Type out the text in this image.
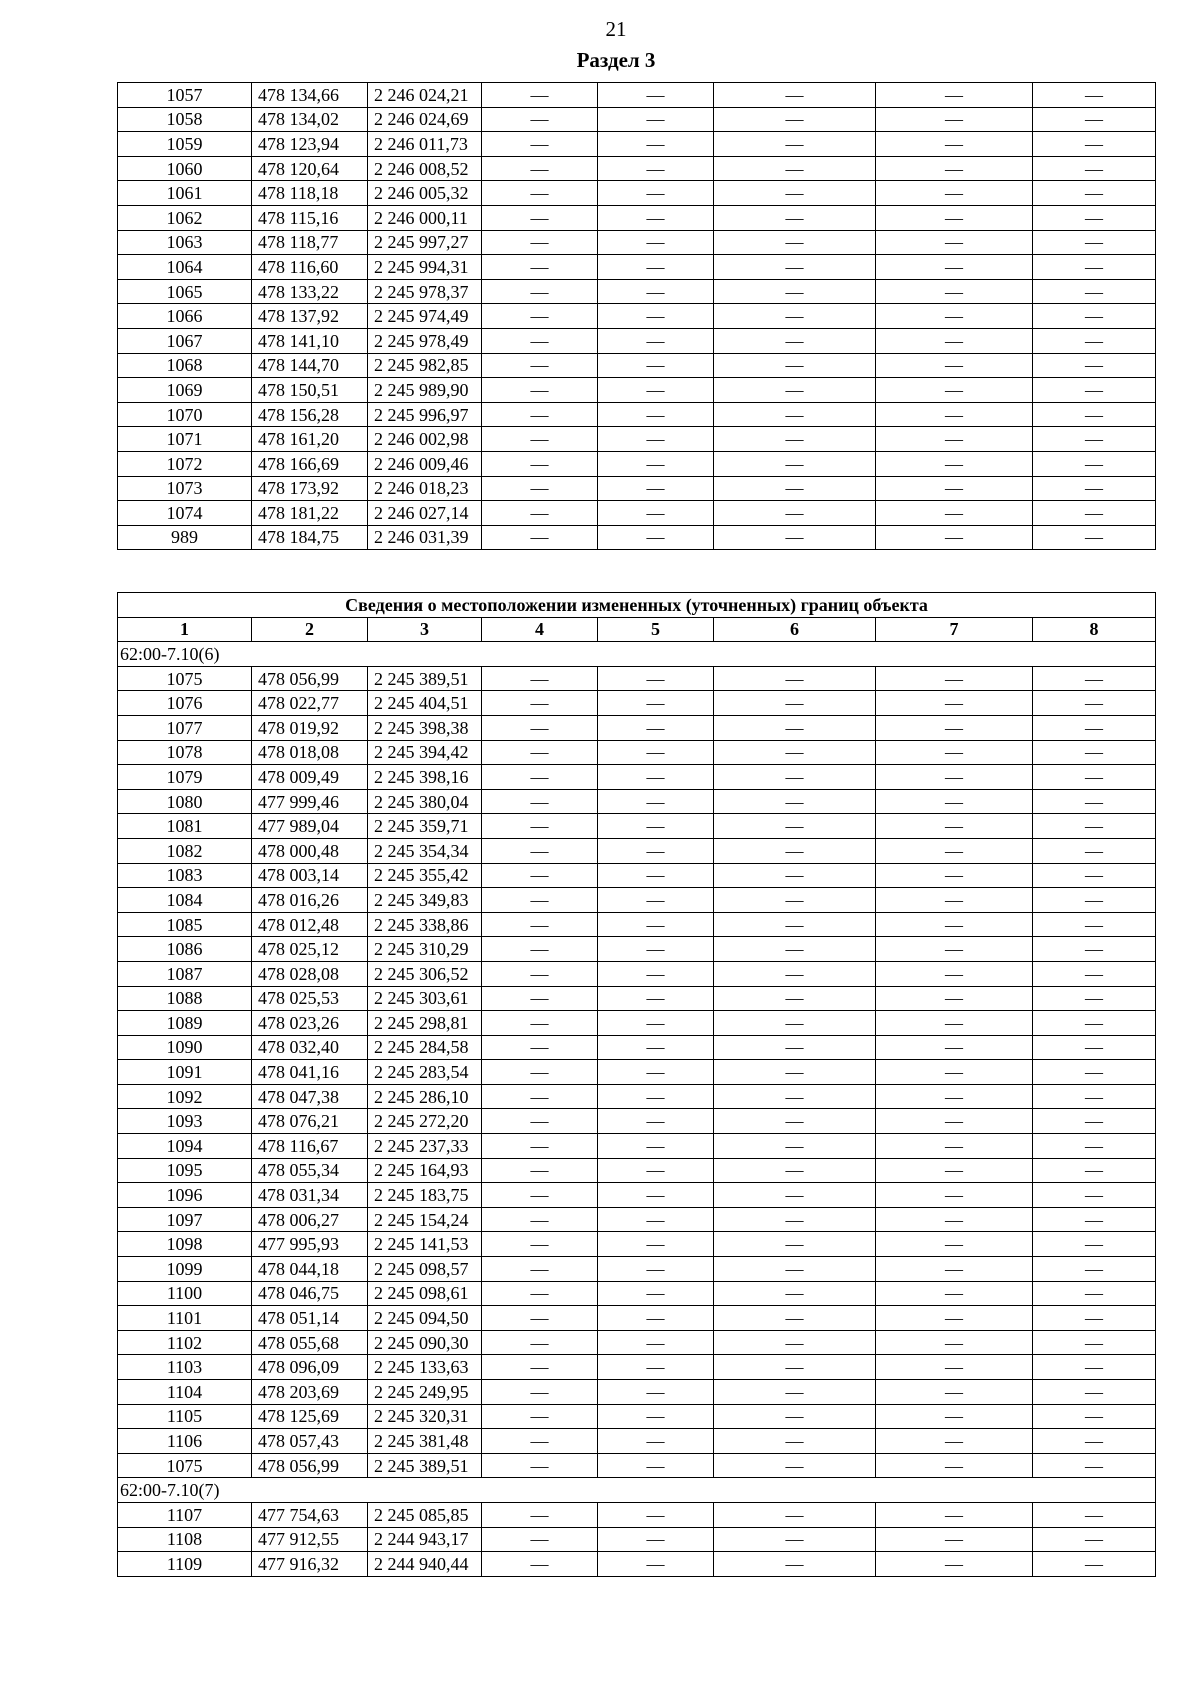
21
Раздел 3
1057	478 134,66	2 246 024,21	—	—	—	—	—
1058	478 134,02	2 246 024,69	—	—	—	—	—
1059	478 123,94	2 246 011,73	—	—	—	—	—
1060	478 120,64	2 246 008,52	—	—	—	—	—
1061	478 118,18	2 246 005,32	—	—	—	—	—
1062	478 115,16	2 246 000,11	—	—	—	—	—
1063	478 118,77	2 245 997,27	—	—	—	—	—
1064	478 116,60	2 245 994,31	—	—	—	—	—
1065	478 133,22	2 245 978,37	—	—	—	—	—
1066	478 137,92	2 245 974,49	—	—	—	—	—
1067	478 141,10	2 245 978,49	—	—	—	—	—
1068	478 144,70	2 245 982,85	—	—	—	—	—
1069	478 150,51	2 245 989,90	—	—	—	—	—
1070	478 156,28	2 245 996,97	—	—	—	—	—
1071	478 161,20	2 246 002,98	—	—	—	—	—
1072	478 166,69	2 246 009,46	—	—	—	—	—
1073	478 173,92	2 246 018,23	—	—	—	—	—
1074	478 181,22	2 246 027,14	—	—	—	—	—
989	478 184,75	2 246 031,39	—	—	—	—	—
Сведения о местоположении измененных (уточненных) границ объекта							
1	2	3	4	5	6	7	8
62:00-7.10(6)							
1075	478 056,99	2 245 389,51	—	—	—	—	—
1076	478 022,77	2 245 404,51	—	—	—	—	—
1077	478 019,92	2 245 398,38	—	—	—	—	—
1078	478 018,08	2 245 394,42	—	—	—	—	—
1079	478 009,49	2 245 398,16	—	—	—	—	—
1080	477 999,46	2 245 380,04	—	—	—	—	—
1081	477 989,04	2 245 359,71	—	—	—	—	—
1082	478 000,48	2 245 354,34	—	—	—	—	—
1083	478 003,14	2 245 355,42	—	—	—	—	—
1084	478 016,26	2 245 349,83	—	—	—	—	—
1085	478 012,48	2 245 338,86	—	—	—	—	—
1086	478 025,12	2 245 310,29	—	—	—	—	—
1087	478 028,08	2 245 306,52	—	—	—	—	—
1088	478 025,53	2 245 303,61	—	—	—	—	—
1089	478 023,26	2 245 298,81	—	—	—	—	—
1090	478 032,40	2 245 284,58	—	—	—	—	—
1091	478 041,16	2 245 283,54	—	—	—	—	—
1092	478 047,38	2 245 286,10	—	—	—	—	—
1093	478 076,21	2 245 272,20	—	—	—	—	—
1094	478 116,67	2 245 237,33	—	—	—	—	—
1095	478 055,34	2 245 164,93	—	—	—	—	—
1096	478 031,34	2 245 183,75	—	—	—	—	—
1097	478 006,27	2 245 154,24	—	—	—	—	—
1098	477 995,93	2 245 141,53	—	—	—	—	—
1099	478 044,18	2 245 098,57	—	—	—	—	—
1100	478 046,75	2 245 098,61	—	—	—	—	—
1101	478 051,14	2 245 094,50	—	—	—	—	—
1102	478 055,68	2 245 090,30	—	—	—	—	—
1103	478 096,09	2 245 133,63	—	—	—	—	—
1104	478 203,69	2 245 249,95	—	—	—	—	—
1105	478 125,69	2 245 320,31	—	—	—	—	—
1106	478 057,43	2 245 381,48	—	—	—	—	—
1075	478 056,99	2 245 389,51	—	—	—	—	—
62:00-7.10(7)							
1107	477 754,63	2 245 085,85	—	—	—	—	—
1108	477 912,55	2 244 943,17	—	—	—	—	—
1109	477 916,32	2 244 940,44	—	—	—	—	—
